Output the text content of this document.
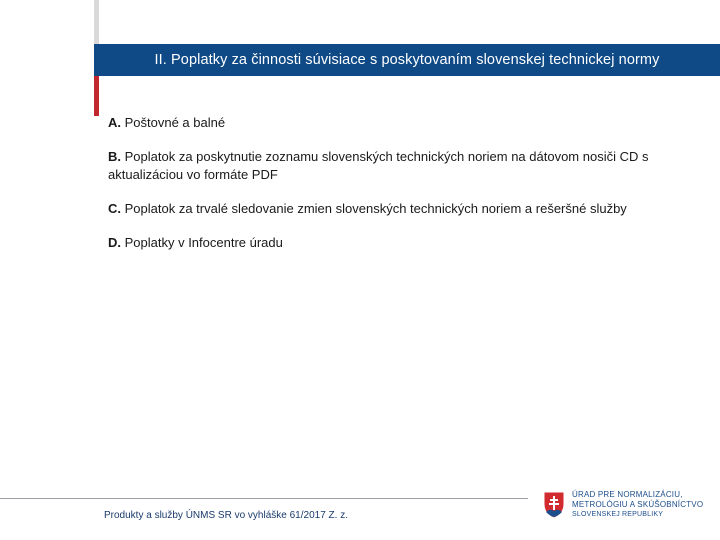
II. Poplatky za činnosti súvisiace s poskytovaním slovenskej technickej normy
A. Poštovné a balné
B. Poplatok za poskytnutie zoznamu slovenských technických noriem na dátovom nosiči CD s aktualizáciou vo formáte PDF
C. Poplatok za trvalé sledovanie zmien slovenských technických noriem a rešeršné služby
D. Poplatky v Infocentre úradu
Produkty a služby ÚNMS SR vo vyhláške 61/2017 Z. z.
ÚRAD PRE NORMALIZÁCIU,
METROLÓGIU A SKÚŠOBNÍCTVO
SLOVENSKEJ REPUBLIKY
